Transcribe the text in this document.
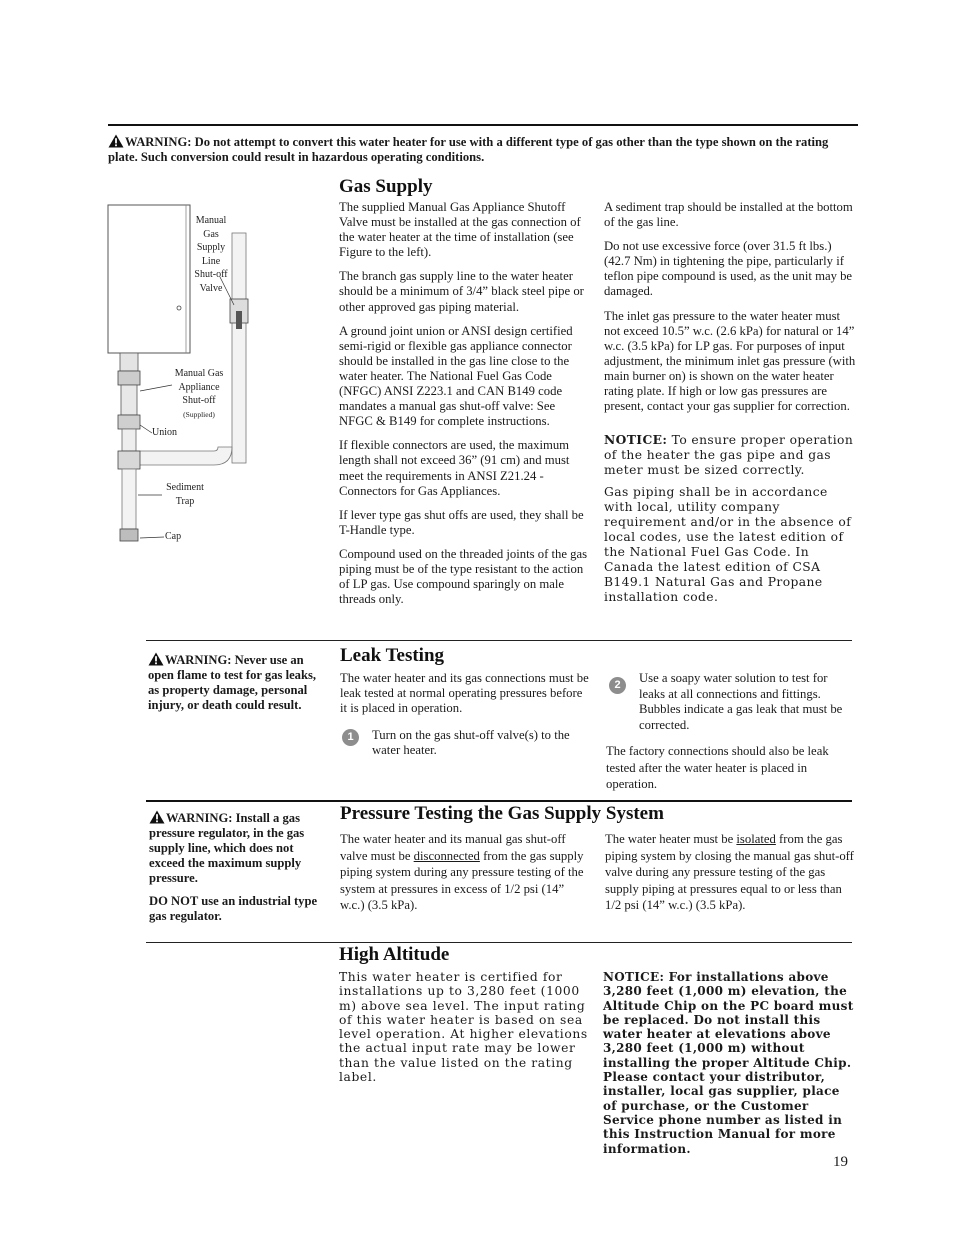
WARNING: Do not attempt to convert this water heater for use with a different type of gas other than the type shown on the rating plate. Such conversion could result in hazardous operating conditions.
Gas Supply

The supplied Manual Gas Appliance Shutoff Valve must be installed at the gas connection of the water heater at the time of installation (see Figure to the left).

The branch gas supply line to the water heater should be a minimum of 3/4” black steel pipe or other approved gas piping material.

A ground joint union or ANSI design certified semi-rigid or flexible gas appliance connector should be installed in the gas line close to the water heater. The National Fuel Gas Code (NFGC) ANSI Z223.1 and CAN B149 code mandates a manual gas shut-off valve: See NFGC & B149 for complete instructions.

If flexible connectors are used, the maximum length shall not exceed 36” (91 cm) and must meet the requirements in ANSI Z21.24 - Connectors for Gas Appliances.

If lever type gas shut offs are used, they shall be T-Handle type.

Compound used on the threaded joints of the gas piping must be of the type resistant to the action of LP gas. Use compound sparingly on male threads only.

A sediment trap should be installed at the bottom of the gas line.

Do not use excessive force (over 31.5 ft lbs.) (42.7 Nm) in tightening the pipe, particularly if teflon pipe compound is used, as the unit may be damaged.

The inlet gas pressure to the water heater must not exceed 10.5” w.c. (2.6 kPa) for natural or 14” w.c. (3.5 kPa) for LP gas. For purposes of input adjustment, the minimum inlet gas pressure (with main burner on) is shown on the water heater rating plate. If high or low gas pressures are present, contact your gas supplier for correction.

NOTICE: To ensure proper operation of the heater the gas pipe and gas meter must be sized correctly.

Gas piping shall be in accordance with local, utility company requirement and/or in the absence of local codes, use the latest edition of the National Fuel Gas Code. In Canada the latest edition of CSA B149.1 Natural Gas and Propane installation code.

Manual
Gas
Supply
Line
Shut-off
Valve
Manual Gas
Appliance
Shut-off
(Supplied)
Union
Sediment
Trap
Cap

WARNING: Never use an open flame to test for gas leaks, as property damage, personal injury, or death could result.

Leak Testing

The water heater and its gas connections must be leak tested at normal operating pressures before it is placed in operation.

1	Turn on the gas shut-off valve(s) to the water heater.

2	Use a soapy water solution to test for leaks at all connections and fittings. Bubbles indicate a gas leak that must be corrected.

The factory connections should also be leak tested after the water heater is placed in operation.

WARNING: Install a gas pressure regulator, in the gas supply line, which does not exceed the maximum supply pressure.

DO NOT use an industrial type gas regulator.

Pressure Testing the Gas Supply System

The water heater and its manual gas shut-off valve must be disconnected from the gas supply piping system during any pressure testing of the system at pressures in excess of 1/2 psi (14” w.c.) (3.5 kPa).

The water heater must be isolated from the gas piping system by closing the manual gas shut-off valve during any pressure testing of the gas supply piping at pressures equal to or less than

1/2 psi (14” w.c.) (3.5 kPa).

High Altitude

This water heater is certified for installations up to 3,280 feet (1000 m) above sea level. The input rating of this water heater is based on sea level operation. At higher elevations the actual input rate may be lower than the value listed on the rating label.

NOTICE: For installations above 3,280 feet (1,000 m) elevation, the Altitude Chip on the PC board must be replaced. Do not install this water heater at elevations above 3,280 feet (1,000 m) without installing the proper Altitude Chip. Please contact your distributor, installer, local gas supplier, place of purchase, or the Customer Service phone number as listed in this Instruction Manual for more information.
19
